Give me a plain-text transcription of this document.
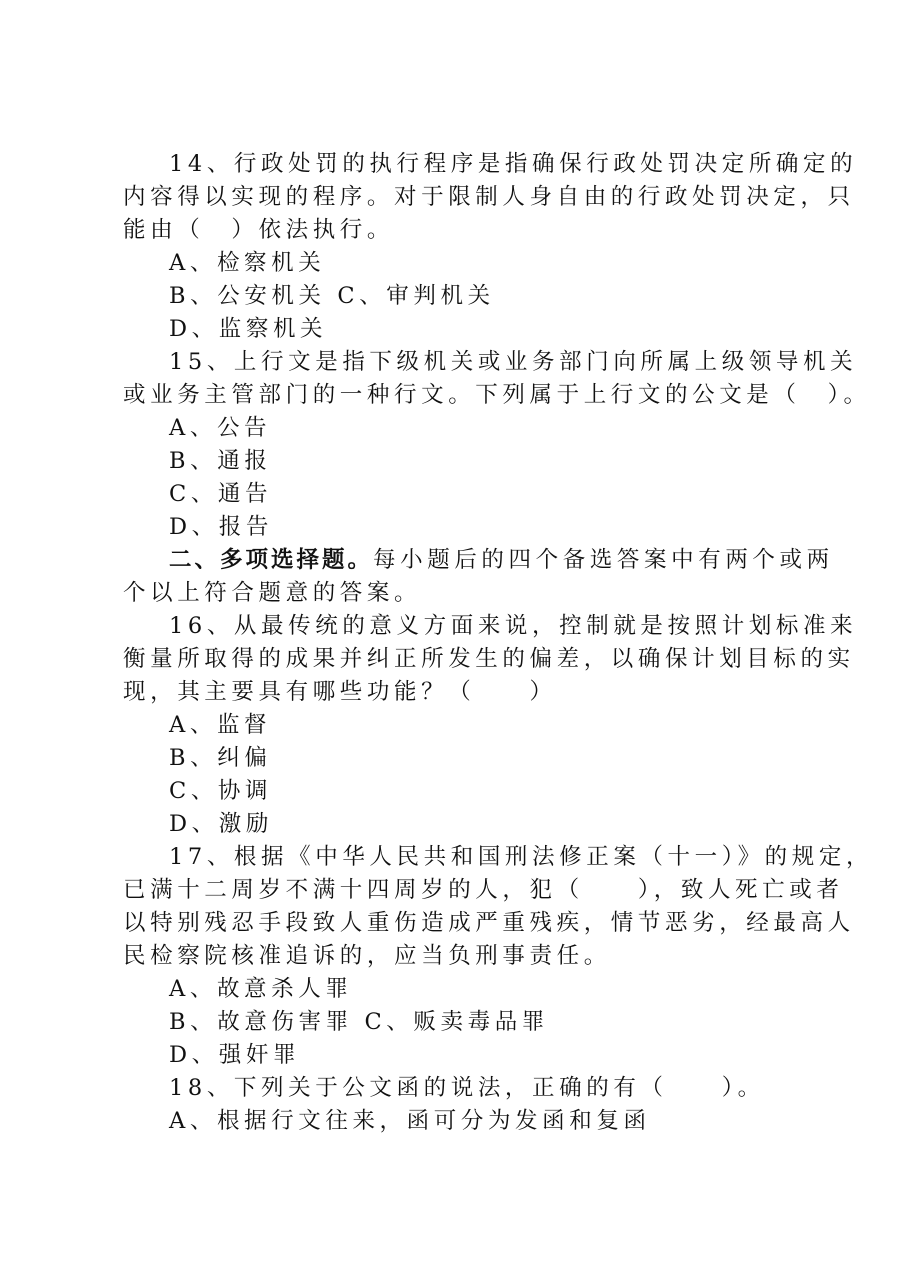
14、行政处罚的执行程序是指确保行政处罚决定所确定的
内容得以实现的程序。对于限制人身自由的行政处罚决定，只
能由（　）依法执行。
A、检察机关
B、公安机关 C、审判机关
D、监察机关
15、上行文是指下级机关或业务部门向所属上级领导机关
或业务主管部门的一种行文。下列属于上行文的公文是（　）。
A、公告
B、通报
C、通告
D、报告
二、多项选择题。每小题后的四个备选答案中有两个或两
个以上符合题意的答案。
16、从最传统的意义方面来说，控制就是按照计划标准来
衡量所取得的成果并纠正所发生的偏差，以确保计划目标的实
现，其主要具有哪些功能？（　　）
A、监督
B、纠偏
C、协调
D、激励
17、根据《中华人民共和国刑法修正案（十一）》的规定，
已满十二周岁不满十四周岁的人，犯（　　），致人死亡或者
以特别残忍手段致人重伤造成严重残疾，情节恶劣，经最高人
民检察院核准追诉的，应当负刑事责任。
A、故意杀人罪
B、故意伤害罪 C、贩卖毒品罪
D、强奸罪
18、下列关于公文函的说法，正确的有（　　）。
A、根据行文往来，函可分为发函和复函
